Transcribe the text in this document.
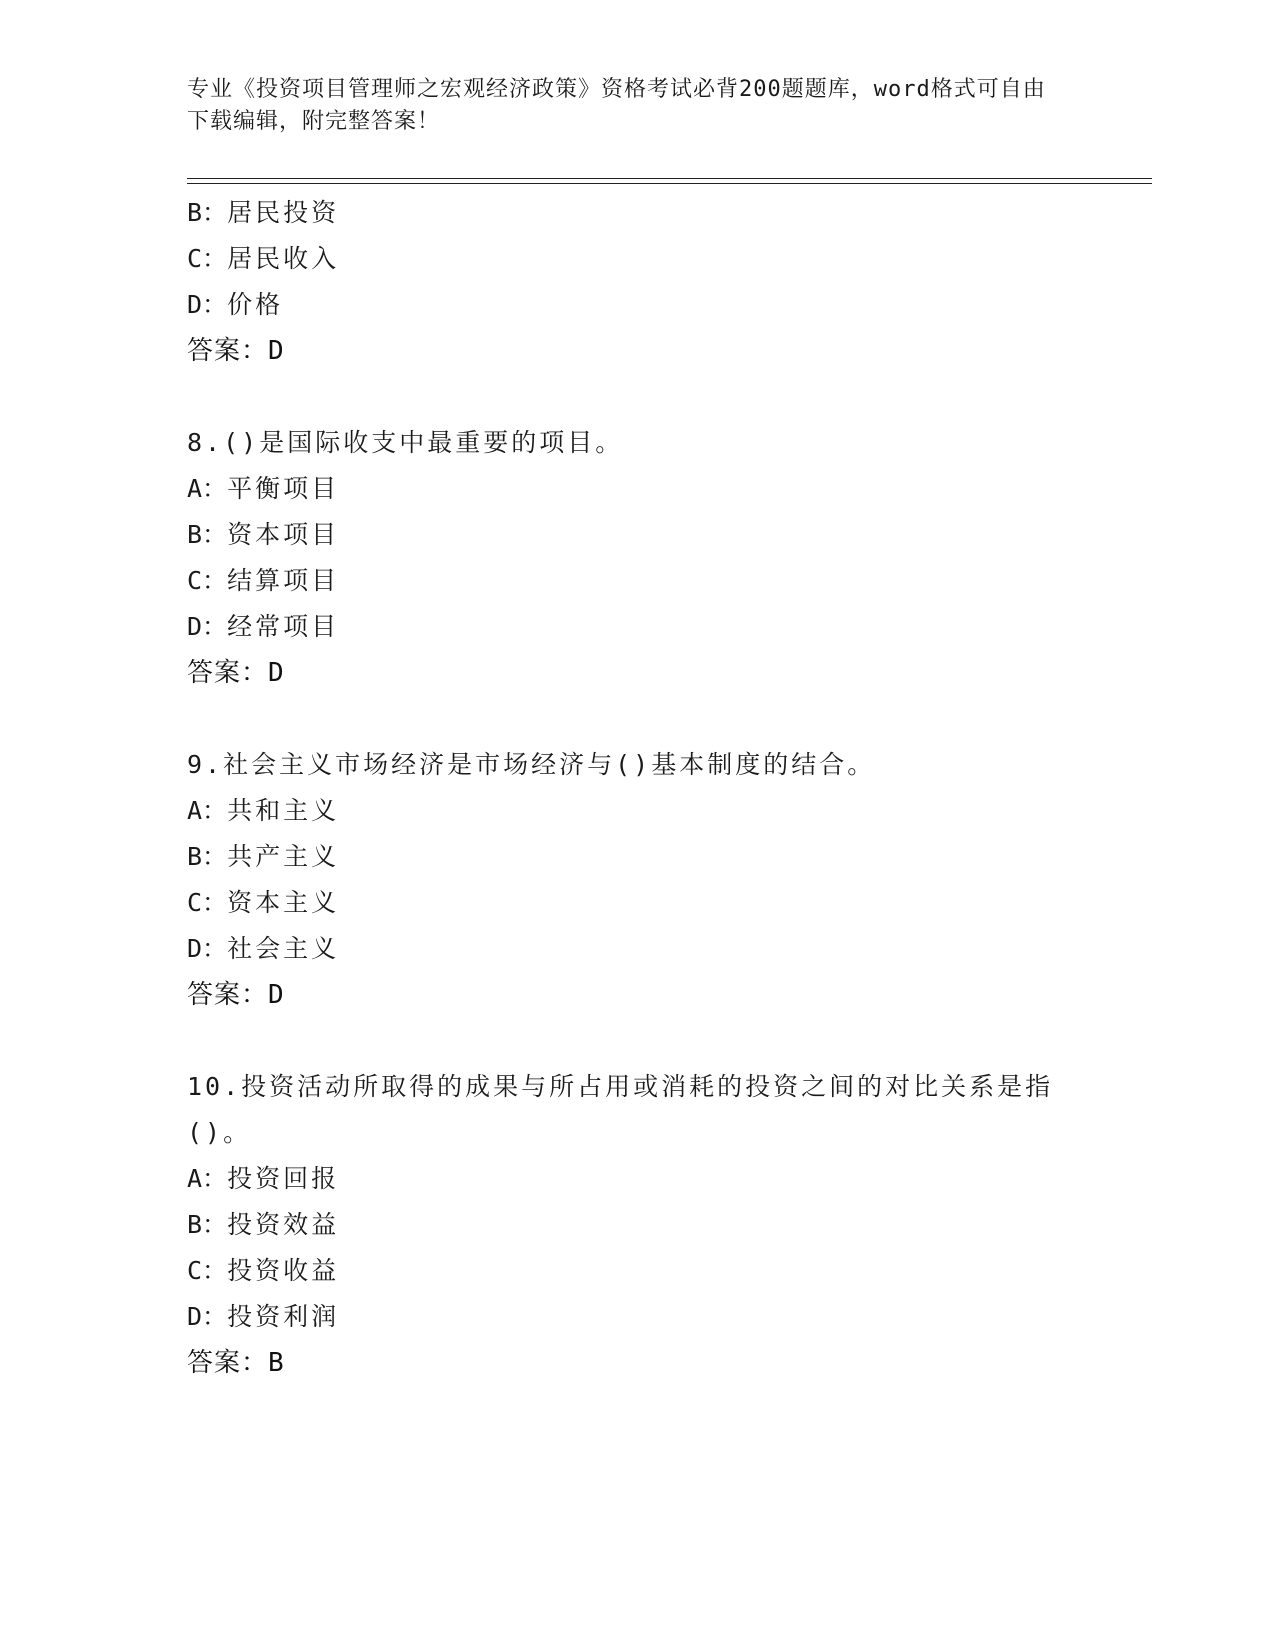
专业《投资项目管理师之宏观经济政策》资格考试必背200题题库，word格式可自由下载编辑，附完整答案！
B：居民投资
C：居民收入
D：价格
答案：D
8.()是国际收支中最重要的项目。
A：平衡项目
B：资本项目
C：结算项目
D：经常项目
答案：D
9.社会主义市场经济是市场经济与()基本制度的结合。
A：共和主义
B：共产主义
C：资本主义
D：社会主义
答案：D
10.投资活动所取得的成果与所占用或消耗的投资之间的对比关系是指()。
A：投资回报
B：投资效益
C：投资收益
D：投资利润
答案：B
